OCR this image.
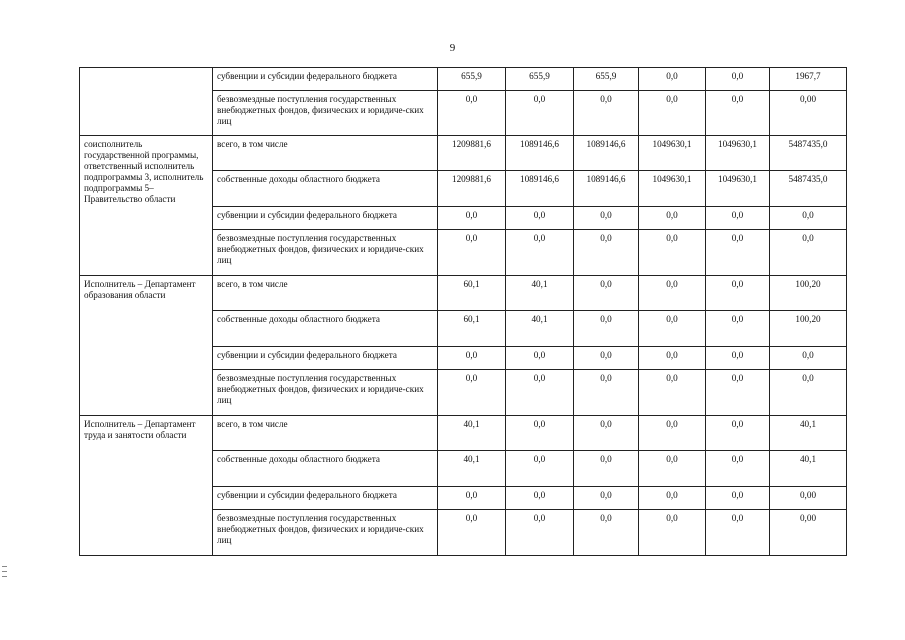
9
	субвенции и субсидии федерального бюджета	655,9	655,9	655,9	0,0	0,0	1967,7
	безвозмездные поступления государственных внебюджетных фондов, физических и юридиче-ских лиц	0,0	0,0	0,0	0,0	0,0	0,00
соисполнитель государственной программы, ответственный исполнитель подпрограммы 3, исполнитель подпрограммы 5– Правительство области	всего, в том числе	1209881,6	1089146,6	1089146,6	1049630,1	1049630,1	5487435,0
	собственные доходы областного бюджета	1209881,6	1089146,6	1089146,6	1049630,1	1049630,1	5487435,0
	субвенции и субсидии федерального бюджета	0,0	0,0	0,0	0,0	0,0	0,0
	безвозмездные поступления государственных внебюджетных фондов, физических и юридиче-ских лиц	0,0	0,0	0,0	0,0	0,0	0,0
Исполнитель – Департамент образования области	всего, в том числе	60,1	40,1	0,0	0,0	0,0	100,20
	собственные доходы областного бюджета	60,1	40,1	0,0	0,0	0,0	100,20
	субвенции и субсидии федерального бюджета	0,0	0,0	0,0	0,0	0,0	0,0
	безвозмездные поступления государственных внебюджетных фондов, физических и юридиче-ских лиц	0,0	0,0	0,0	0,0	0,0	0,0
Исполнитель – Департамент труда и занятости области	всего, в том числе	40,1	0,0	0,0	0,0	0,0	40,1
	собственные доходы областного бюджета	40,1	0,0	0,0	0,0	0,0	40,1
	субвенции и субсидии федерального бюджета	0,0	0,0	0,0	0,0	0,0	0,00
	безвозмездные поступления государственных внебюджетных фондов, физических и юридиче-ских лиц	0,0	0,0	0,0	0,0	0,0	0,00
